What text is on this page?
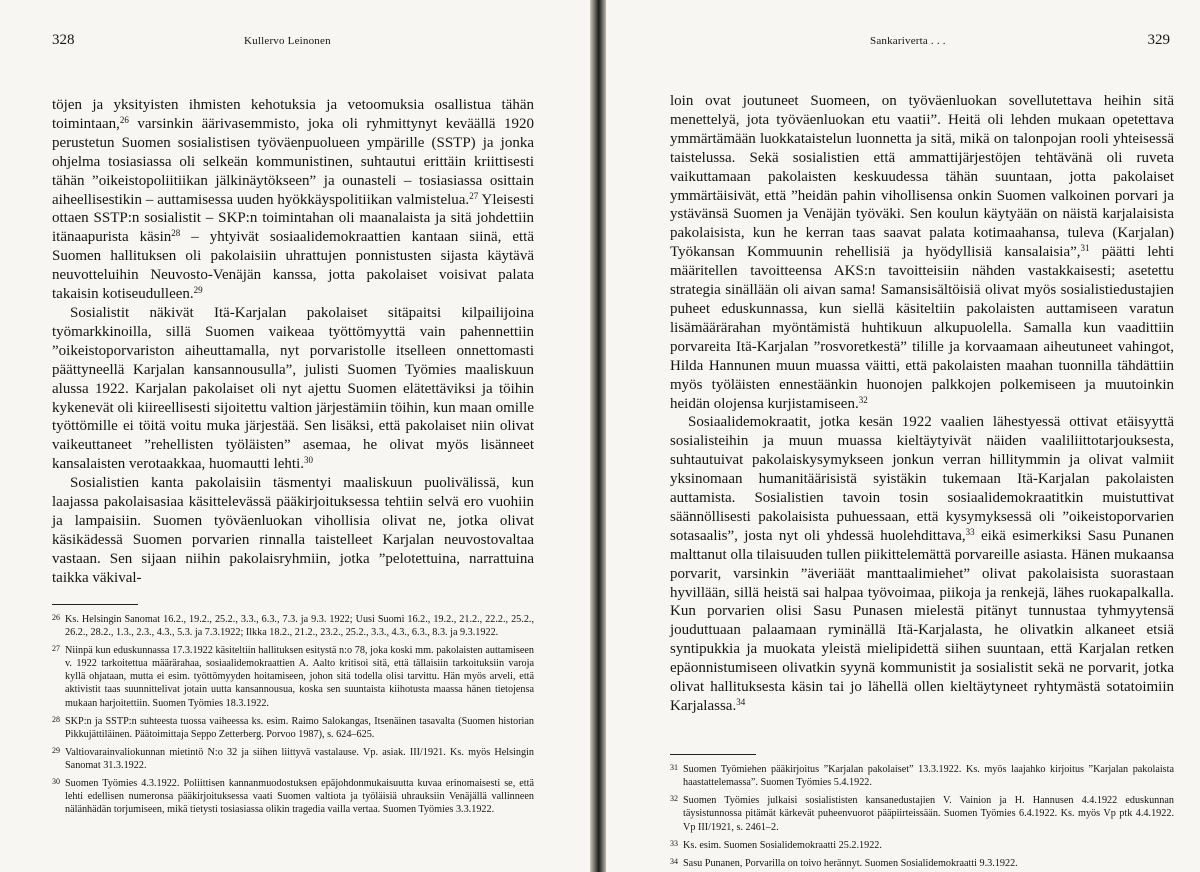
328	Kullervo Leinonen

töjen ja yksityisten ihmisten kehotuksia ja vetoomuksia osallistua tähän toimintaan,$^{26}$ varsinkin äärivasemmisto, joka oli ryhmittynyt keväällä 1920 perustetun Suomen sosialistisen työväenpuolueen ympärille (SSTP) ja jonka ohjelma tosiasiassa oli selkeän kommunistinen, suhtautui erittäin kriittisesti tähän ”oikeistopoliitiikan jälkinäytökseen” ja ounasteli – tosiasiassa osittain aiheellisestikin – auttamisessa uuden hyökkäyspolitiikan valmistelua.$^{27}$ Yleisesti ottaen SSTP:n sosialistit – SKP:n toimintahan oli maanalaista ja sitä johdettiin itänaapurista käsin$^{28}$ – yhtyivät sosiaalidemokraattien kantaan siinä, että Suomen hallituksen oli pakolaisiin uhrattujen ponnistusten sijasta käytävä neuvotteluihin Neuvosto-Venäjän kanssa, jotta pakolaiset voisivat palata takaisin kotiseudulleen.$^{29}$

Sosialistit näkivät Itä-Karjalan pakolaiset sitäpaitsi kilpailijoina työmarkkinoilla, sillä Suomen vaikeaa työttömyyttä vain pahennettiin ”oikeistoporvariston aiheuttamalla, nyt porvaristolle itselleen onnettomasti päättyneellä Karjalan kansannousulla”, julisti Suomen Työmies maaliskuun alussa 1922. Karjalan pakolaiset oli nyt ajettu Suomen elätettäviksi ja töihin kykenevät oli kiireellisesti sijoitettu valtion järjestämiin töihin, kun maan omille työttömille ei töitä voitu muka järjestää. Sen lisäksi, että pakolaiset niin olivat vaikeuttaneet ”rehellisten työläisten” asemaa, he olivat myös lisänneet kansalaisten verotaakkaa, huomautti lehti.$^{30}$

Sosialistien kanta pakolaisiin täsmentyi maaliskuun puolivälissä, kun laajassa pakolaisasiaa käsittelevässä pääkirjoituksessa tehtiin selvä ero vuohiin ja lampaisiin. Suomen työväenluokan vihollisia olivat ne, jotka olivat käsikädessä Suomen porvarien rinnalla taistelleet Karjalan neuvostovaltaa vastaan. Sen sijaan niihin pakolaisryhmiin, jotka ”pelotettuina, narrattuina taikka väkival-

26 Ks. Helsingin Sanomat 16.2., 19.2., 25.2., 3.3., 6.3., 7.3. ja 9.3. 1922; Uusi Suomi 16.2., 19.2., 21.2., 22.2., 25.2., 26.2., 28.2., 1.3., 2.3., 4.3., 5.3. ja 7.3.1922; Ilkka 18.2., 21.2., 23.2., 25.2., 3.3., 4.3., 6.3., 8.3. ja 9.3.1922.
27 Niinpä kun eduskunnassa 17.3.1922 käsiteltiin hallituksen esitystä n:o 78, joka koski mm. pakolaisten auttamiseen v. 1922 tarkoitettua määrärahaa, sosiaalidemokraattien A. Aalto kritisoi sitä, että tällaisiin tarkoituksiin varoja kyllä ohjataan, mutta ei esim. työttömyyden hoitamiseen, johon sitä todella olisi tarvittu. Hän myös arveli, että aktivistit taas suunnittelivat jotain uutta kansannousua, koska sen suuntaista kiihotusta maassa hänen tietojensa mukaan harjoitettiin. Suomen Työmies 18.3.1922.
28 SKP:n ja SSTP:n suhteesta tuossa vaiheessa ks. esim. Raimo Salokangas, Itsenäinen tasavalta (Suomen historian Pikkujättiläinen. Päätoimittaja Seppo Zetterberg. Porvoo 1987), s. 624–625.
29 Valtiovarainvaliokunnan mietintö N:o 32 ja siihen liittyvä vastalause. Vp. asiak. III/1921. Ks. myös Helsingin Sanomat 31.3.1922.
30 Suomen Työmies 4.3.1922. Poliittisen kannanmuodostuksen epäjohdonmukaisuutta kuvaa erinomaisesti se, että lehti edellisen numeronsa pääkirjoituksessa vaati Suomen valtiota ja työläisiä uhrauksiin Venäjällä vallinneen nälänhädän torjumiseen, mikä tietysti tosiasiassa olikin tragedia vailla vertaa. Suomen Työmies 3.3.1922.
Sankariverta . . .	329

loin ovat joutuneet Suomeen, on työväenluokan sovellutettava heihin sitä menettelyä, jota työväenluokan etu vaatii”. Heitä oli lehden mukaan opetettava ymmärtämään luokkataistelun luonnetta ja sitä, mikä on talonpojan rooli yhteisessä taistelussa. Sekä sosialistien että ammattijärjestöjen tehtävänä oli ruveta vaikuttamaan pakolaisten keskuudessa tähän suuntaan, jotta pakolaiset ymmärtäisivät, että ”heidän pahin vihollisensa onkin Suomen valkoinen porvari ja ystävänsä Suomen ja Venäjän työväki. Sen koulun käytyään on näistä karjalaisista pakolaisista, kun he kerran taas saavat palata kotimaahansa, tuleva (Karjalan) Työkansan Kommuunin rehellisiä ja hyödyllisiä kansalaisia”,$^{31}$ päätti lehti määritellen tavoitteensa AKS:n tavoitteisiin nähden vastakkaisesti; asetettu strategia sinällään oli aivan sama! Samansisältöisiä olivat myös sosialistiedustajien puheet eduskunnassa, kun siellä käsiteltiin pakolaisten auttamiseen varatun lisämäärärahan myöntämistä huhtikuun alkupuolella. Samalla kun vaadittiin porvareita Itä-Karjalan ”rosvoretkestä” tilille ja korvaamaan aiheutuneet vahingot, Hilda Hannunen muun muassa väitti, että pakolaisten maahan tuonnilla tähdättiin myös työläisten ennestäänkin huonojen palkkojen polkemiseen ja muutoinkin heidän olojensa kurjistamiseen.$^{32}$

Sosiaalidemokraatit, jotka kesän 1922 vaalien lähestyessä ottivat etäisyyttä sosialisteihin ja muun muassa kieltäytyivät näiden vaaliliittotarjouksesta, suhtautuivat pakolaiskysymykseen jonkun verran hillitymmin ja olivat valmiit yksinomaan humanitäärisistä syistäkin tukemaan Itä-Karjalan pakolaisten auttamista. Sosialistien tavoin tosin sosiaalidemokraatitkin muistuttivat säännöllisesti pakolaisista puhuessaan, että kysymyksessä oli ”oikeistoporvarien sotasaalis”, josta nyt oli yhdessä huolehdittava,$^{33}$ eikä esimerkiksi Sasu Punanen malttanut olla tilaisuuden tullen piikittelemättä porvareille asiasta. Hänen mukaansa porvarit, varsinkin ”äveriäät manttaalimiehet” olivat pakolaisista suorastaan hyvillään, sillä heistä sai halpaa työvoimaa, piikoja ja renkejä, lähes ruokapalkalla. Kun porvarien olisi Sasu Punasen mielestä pitänyt tunnustaa tyhmyytensä jouduttuaan palaamaan ryminällä Itä-Karjalasta, he olivatkin alkaneet etsiä syntipukkia ja muokata yleistä mielipidettä siihen suuntaan, että Karjalan retken epäonnistumiseen olivatkin syynä kommunistit ja sosialistit sekä ne porvarit, jotka olivat hallituksesta käsin tai jo lähellä ollen kieltäytyneet ryhtymästä sotatoimiin Karjalassa.$^{34}$

31 Suomen Työmiehen pääkirjoitus ”Karjalan pakolaiset” 13.3.1922. Ks. myös laajahko kirjoitus ”Karjalan pakolaista haastattelemassa”. Suomen Työmies 5.4.1922.
32 Suomen Työmies julkaisi sosialististen kansanedustajien V. Vainion ja H. Hannusen 4.4.1922 eduskunnan täysistunnossa pitämät kärkevät puheenvuorot pääpiirteissään. Suomen Työmies 6.4.1922. Ks. myös Vp ptk 4.4.1922. Vp III/1921, s. 2461–2.
33 Ks. esim. Suomen Sosialidemokraatti 25.2.1922.
34 Sasu Punanen, Porvarilla on toivo herännyt. Suomen Sosialidemokraatti 9.3.1922.
